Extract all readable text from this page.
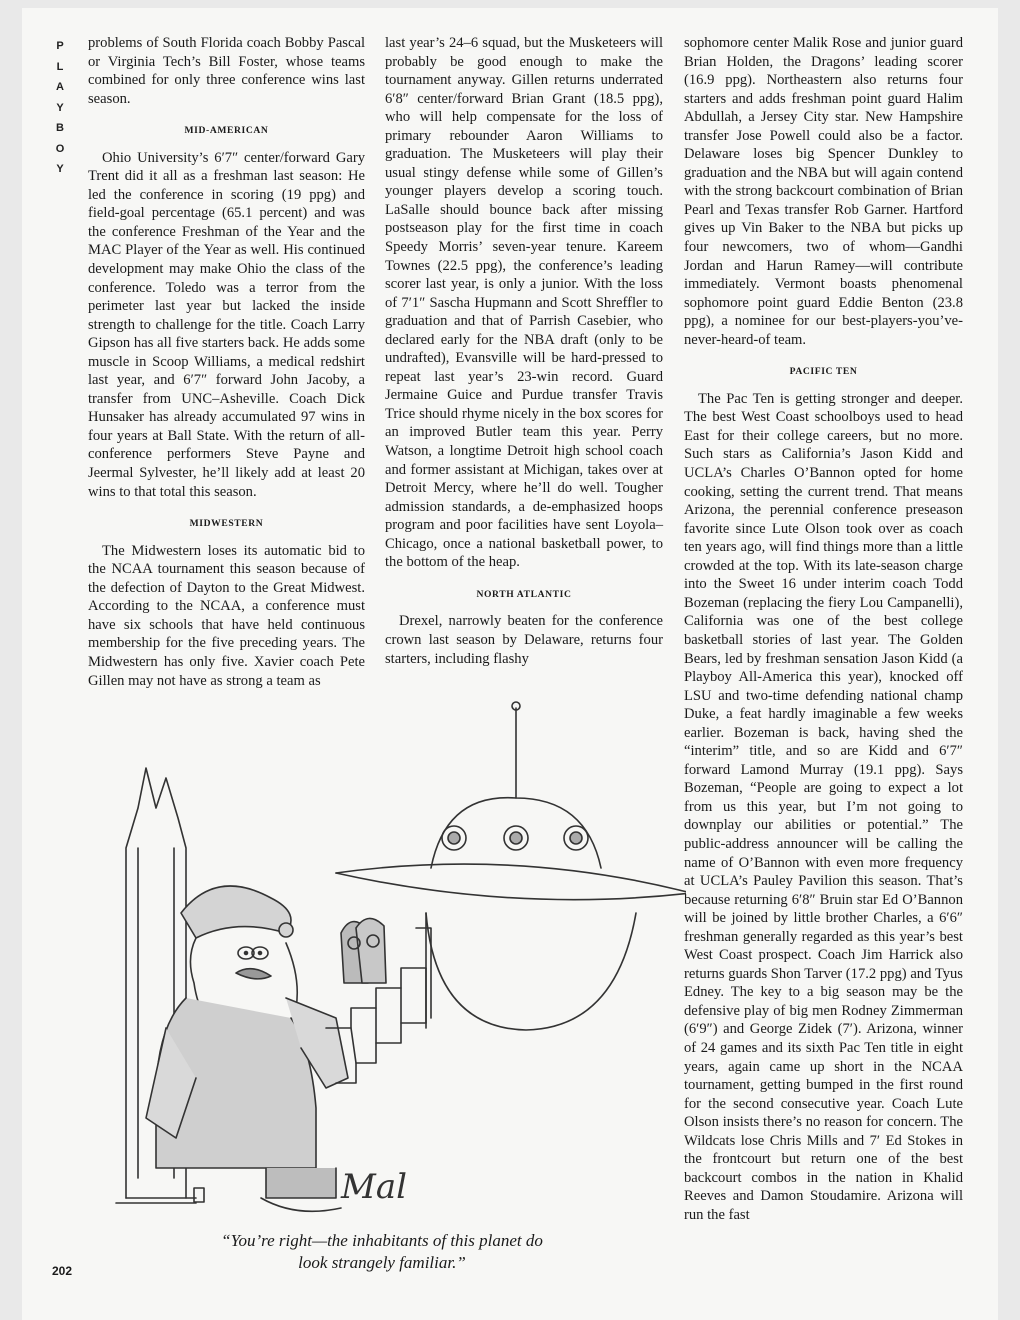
P
L
A
Y
B
O
Y

problems of South Florida coach Bobby Pascal or Virginia Tech’s Bill Foster, whose teams combined for only three conference wins last season.

MID-AMERICAN

Ohio University’s 6′7″ center/forward Gary Trent did it all as a freshman last season: He led the conference in scoring (19 ppg) and field-goal percentage (65.1 percent) and was the conference Freshman of the Year and the MAC Player of the Year as well. His continued development may make Ohio the class of the conference. Toledo was a terror from the perimeter last year but lacked the inside strength to challenge for the title. Coach Larry Gipson has all five starters back. He adds some muscle in Scoop Williams, a medical redshirt last year, and 6′7″ forward John Jacoby, a transfer from UNC–Asheville. Coach Dick Hunsaker has already accumulated 97 wins in four years at Ball State. With the return of all-conference performers Steve Payne and Jeermal Sylvester, he’ll likely add at least 20 wins to that total this season.

MIDWESTERN

The Midwestern loses its automatic bid to the NCAA tournament this season because of the defection of Dayton to the Great Midwest. According to the NCAA, a conference must have six schools that have held continuous membership for the five preceding years. The Midwestern has only five. Xavier coach Pete Gillen may not have as strong a team as

last year’s 24–6 squad, but the Musketeers will probably be good enough to make the tournament anyway. Gillen returns underrated 6′8″ center/forward Brian Grant (18.5 ppg), who will help compensate for the loss of primary rebounder Aaron Williams to graduation. The Musketeers will play their usual stingy defense while some of Gillen’s younger players develop a scoring touch. LaSalle should bounce back after missing postseason play for the first time in coach Speedy Morris’ seven-year tenure. Kareem Townes (22.5 ppg), the conference’s leading scorer last year, is only a junior. With the loss of 7′1″ Sascha Hupmann and Scott Shreffler to graduation and that of Parrish Casebier, who declared early for the NBA draft (only to be undrafted), Evansville will be hard-pressed to repeat last year’s 23-win record. Guard Jermaine Guice and Purdue transfer Travis Trice should rhyme nicely in the box scores for an improved Butler team this year. Perry Watson, a longtime Detroit high school coach and former assistant at Michigan, takes over at Detroit Mercy, where he’ll do well. Tougher admission standards, a de-emphasized hoops program and poor facilities have sent Loyola–Chicago, once a national basketball power, to the bottom of the heap.

NORTH ATLANTIC

Drexel, narrowly beaten for the conference crown last season by Delaware, returns four starters, including flashy

sophomore center Malik Rose and junior guard Brian Holden, the Dragons’ leading scorer (16.9 ppg). Northeastern also returns four starters and adds freshman point guard Halim Abdullah, a Jersey City star. New Hampshire transfer Jose Powell could also be a factor. Delaware loses big Spencer Dunkley to graduation and the NBA but will again contend with the strong backcourt combination of Brian Pearl and Texas transfer Rob Garner. Hartford gives up Vin Baker to the NBA but picks up four newcomers, two of whom—Gandhi Jordan and Harun Ramey—will contribute immediately. Vermont boasts phenomenal sophomore point guard Eddie Benton (23.8 ppg), a nominee for our best-players-you’ve-never-heard-of team.

PACIFIC TEN

The Pac Ten is getting stronger and deeper. The best West Coast schoolboys used to head East for their college careers, but no more. Such stars as California’s Jason Kidd and UCLA’s Charles O’Bannon opted for home cooking, setting the current trend. That means Arizona, the perennial conference preseason favorite since Lute Olson took over as coach ten years ago, will find things more than a little crowded at the top. With its late-season charge into the Sweet 16 under interim coach Todd Bozeman (replacing the fiery Lou Campanelli), California was one of the best college basketball stories of last year. The Golden Bears, led by freshman sensation Jason Kidd (a Playboy All-America this year), knocked off LSU and two-time defending national champ Duke, a feat hardly imaginable a few weeks earlier. Bozeman is back, having shed the “interim” title, and so are Kidd and 6′7″ forward Lamond Murray (19.1 ppg). Says Bozeman, “People are going to expect a lot from us this year, but I’m not going to downplay our abilities or potential.” The public-address announcer will be calling the name of O’Bannon with even more frequency at UCLA’s Pauley Pavilion this season. That’s because returning 6′8″ Bruin star Ed O’Bannon will be joined by little brother Charles, a 6′6″ freshman generally regarded as this year’s best West Coast prospect. Coach Jim Harrick also returns guards Shon Tarver (17.2 ppg) and Tyus Edney. The key to a big season may be the defensive play of big men Rodney Zimmerman (6′9″) and George Zidek (7′). Arizona, winner of 24 games and its sixth Pac Ten title in eight years, again came up short in the NCAA tournament, getting bumped in the first round for the second consecutive year. Coach Lute Olson insists there’s no reason for concern. The Wildcats lose Chris Mills and 7′ Ed Stokes in the frontcourt but return one of the best backcourt combos in the nation in Khalid Reeves and Damon Stoudamire. Arizona will run the fast

Mal
“You’re right—the inhabitants of this planet do
look strangely familiar.”
202
